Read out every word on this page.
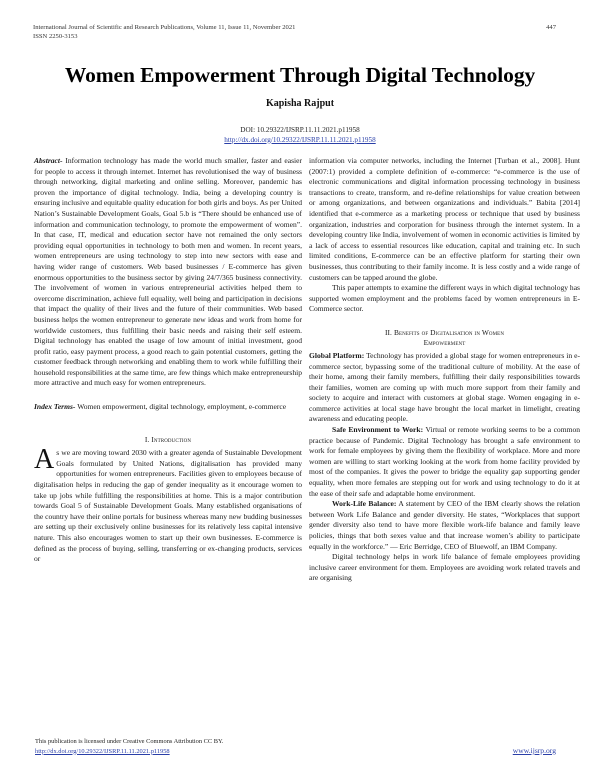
International Journal of Scientific and Research Publications, Volume 11, Issue 11, November 2021
ISSN 2250-3153
447
Women Empowerment Through Digital Technology
Kapisha Rajput
DOI: 10.29322/IJSRP.11.11.2021.p11958
http://dx.doi.org/10.29322/IJSRP.11.11.2021.p11958

Abstract- Information technology has made the world much smaller, faster and easier for people to access it through internet. Internet has revolutionised the way of business through networking, digital marketing and online selling. Moreover, pandemic has proven the importance of digital technology. India, being a developing country is ensuring inclusive and equitable quality education for both girls and boys. As per United Nation’s Sustainable Development Goals, Goal 5.b is “There should be enhanced use of information and communication technology, to promote the empowerment of women”. In that case, IT, medical and education sector have not remained the only sectors providing equal opportunities in technology to both men and women. In recent years, women entrepreneurs are using technology to step into new sectors with ease and having wider range of customers. Web based businesses / E-commerce has given enormous opportunities to the business sector by giving 24/7/365 business connectivity. The involvement of women in various entrepreneurial activities helped them to overcome discrimination, achieve full equality, well being and participation in decisions that impact the quality of their lives and the future of their communities. Web based business helps the women entrepreneur to generate new ideas and work from home for worldwide customers, thus fulfilling their basic needs and raising their self esteem. Digital technology has enabled the usage of low amount of initial investment, good profit ratio, easy payment process, a good reach to gain potential customers, getting the customer feedback through networking and enabling them to work while fulfilling their household responsibilities at the same time, are few things which make entrepreneurship more attractive and much easy for women entrepreneurs.

Index Terms- Women empowerment, digital technology, employment, e-commerce

I. Introduction

As we are moving toward 2030 with a greater agenda of Sustainable Development Goals formulated by United Nations, digitalisation has provided many opportunities for women entrepreneurs. Facilities given to employees because of digitalisation helps in reducing the gap of gender inequality as it encourage women to take up jobs while fulfilling the responsibilities at home. This is a major contribution towards Goal 5 of Sustainable Development Goals. Many established organisations of the country have their online portals for business whereas many new budding businesses are setting up their exclusively online businesses for its relatively less capital intensive nature. This also encourages women to start up their own businesses. E-commerce is defined as the process of buying, selling, transferring or ex-changing products, services or

information via computer networks, including the Internet [Turban et al., 2008]. Hunt (2007:1) provided a complete definition of e-commerce: “e-commerce is the use of electronic communications and digital information processing technology in business transactions to create, transform, and re-define relationships for value creation between or among organizations, and between organizations and individuals.” Babita [2014] identified that e-commerce as a marketing process or technique that used by business organization, industries and corporation for business through the internet system. In a developing country like India, involvement of women in economic activities is limited by a lack of access to essential resources like education, capital and training etc. In such limited conditions, E-commerce can be an effective platform for starting their own businesses, thus contributing to their family income. It is less costly and a wide range of customers can be tapped around the globe.

This paper attempts to examine the different ways in which digital technology has supported women employment and the problems faced by women entrepreneurs in E-Commerce sector.

II. Benefits of Digitalisation in Women
Empowerment

Global Platform: Technology has provided a global stage for women entrepreneurs in e-commerce sector, bypassing some of the traditional culture of mobility. At the ease of their home, among their family members, fulfilling their daily responsibilities towards their families, women are coming up with much more support from their family and society to acquire and interact with customers at global stage. Women engaging in e-commerce activities at local stage have brought the local market in limelight, creating awareness and educating people.

Safe Environment to Work: Virtual or remote working seems to be a common practice because of Pandemic. Digital Technology has brought a safe environment to work for female employees by giving them the flexibility of workplace. More and more women are willing to start working looking at the work from home facility provided by most of the companies. It gives the power to bridge the equality gap supporting gender equality, when more females are stepping out for work and using technology to do it at the ease of their safe and adaptable home environment.

Work-Life Balance: A statement by CEO of the IBM clearly shows the relation between Work Life Balance and gender diversity. He states, “Workplaces that support gender diversity also tend to have more flexible work-life balance and family leave policies, things that both sexes value and that increase women’s ability to participate equally in the workforce.” — Eric Berridge, CEO of Bluewolf, an IBM Company.

Digital technology helps in work life balance of female employees providing inclusive career environment for them. Employees are avoiding work related travels and are organising

This publication is licensed under Creative Commons Attribution CC BY.
http://dx.doi.org/10.29322/IJSRP.11.11.2021.p11958	www.ijsrp.org
